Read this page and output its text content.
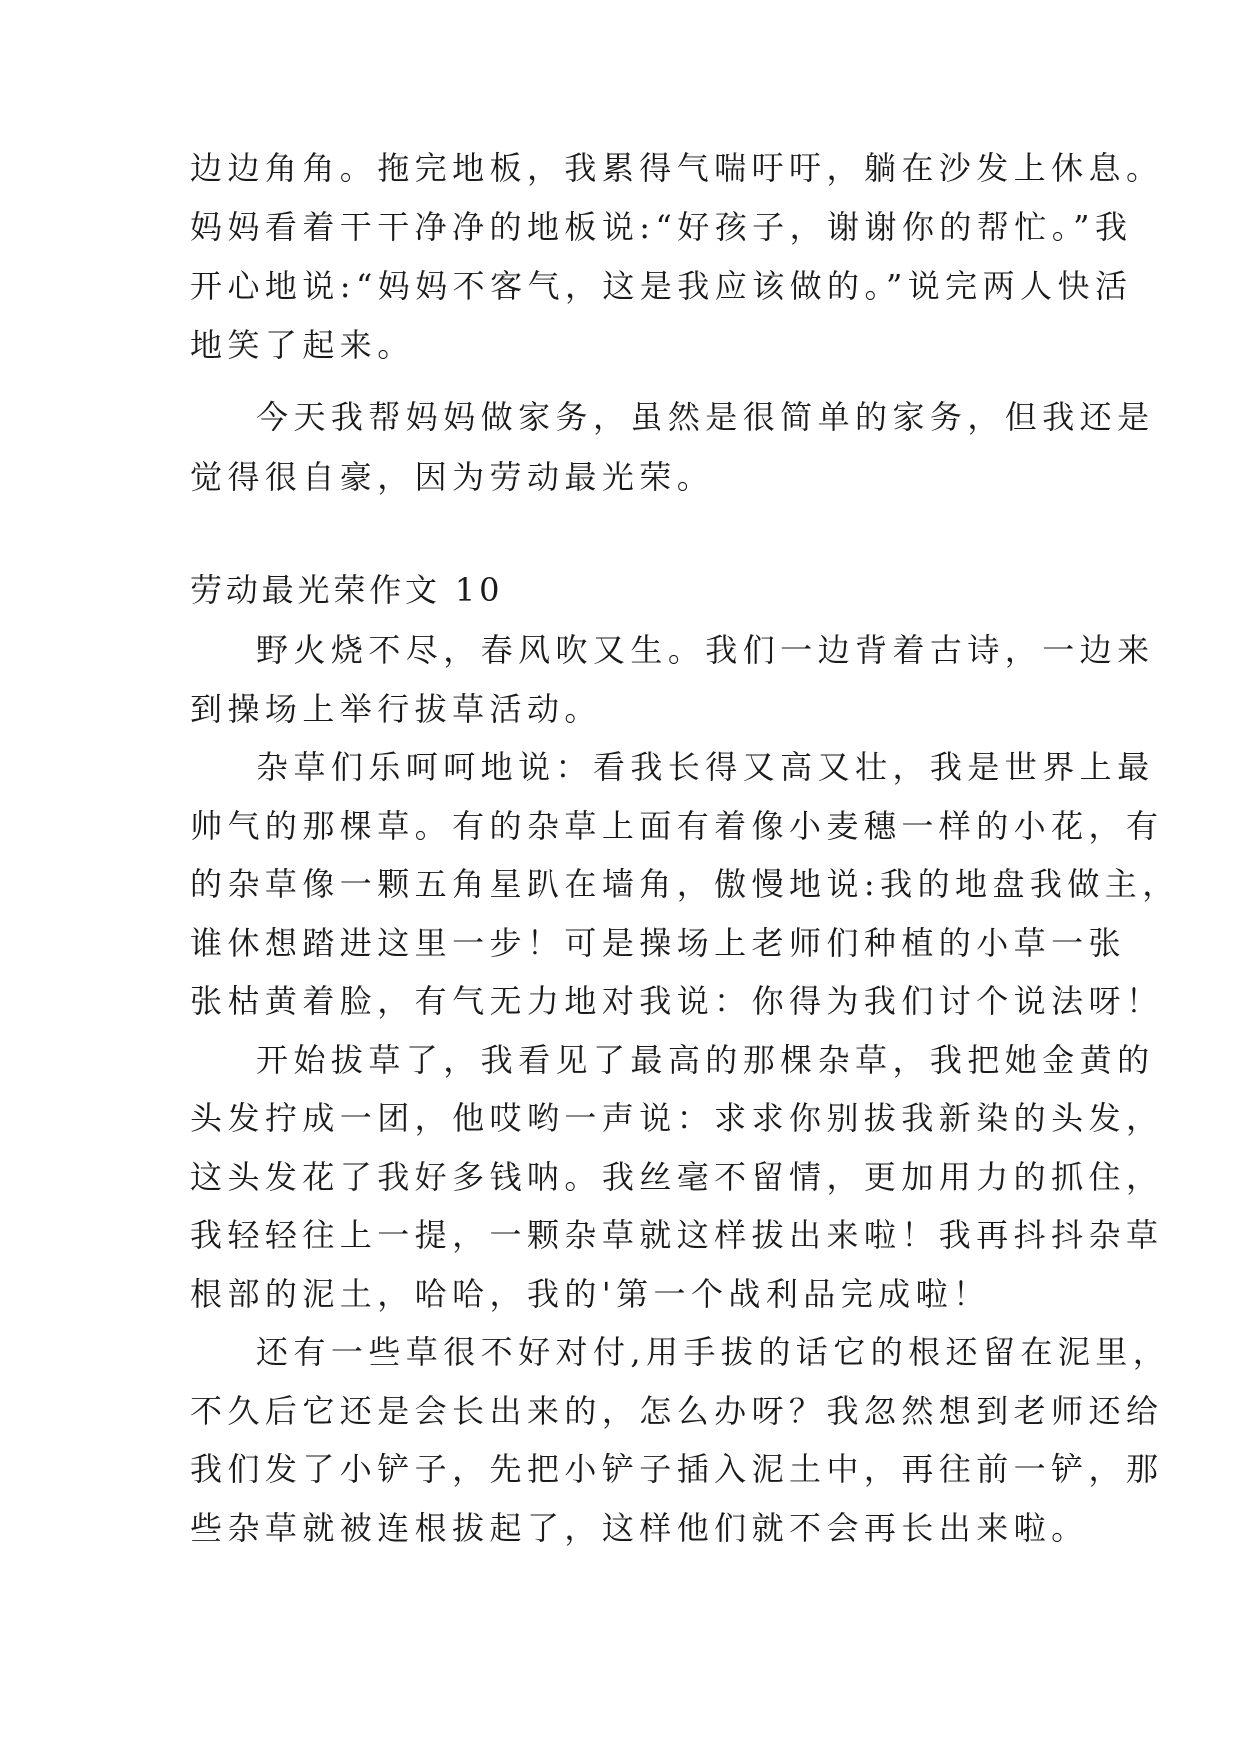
边边角角。拖完地板，我累得气喘吁吁，躺在沙发上休息。

妈妈看着干干净净的地板说:“好孩子，谢谢你的帮忙。”我

开心地说:“妈妈不客气，这是我应该做的。”说完两人快活

地笑了起来。

今天我帮妈妈做家务，虽然是很简单的家务，但我还是

觉得很自豪，因为劳动最光荣。

劳动最光荣作文 10

野火烧不尽，春风吹又生。我们一边背着古诗，一边来

到操场上举行拔草活动。

杂草们乐呵呵地说：看我长得又高又壮，我是世界上最

帅气的那棵草。有的杂草上面有着像小麦穗一样的小花，有

的杂草像一颗五角星趴在墙角，傲慢地说:我的地盘我做主，

谁休想踏进这里一步！可是操场上老师们种植的小草一张

张枯黄着脸，有气无力地对我说：你得为我们讨个说法呀！

开始拔草了，我看见了最高的那棵杂草，我把她金黄的

头发拧成一团，他哎哟一声说：求求你别拔我新染的头发，

这头发花了我好多钱呐。我丝毫不留情，更加用力的抓住，

我轻轻往上一提，一颗杂草就这样拔出来啦！我再抖抖杂草

根部的泥土，哈哈，我的'第一个战利品完成啦！

还有一些草很不好对付,用手拔的话它的根还留在泥里，

不久后它还是会长出来的，怎么办呀？我忽然想到老师还给

我们发了小铲子，先把小铲子插入泥土中，再往前一铲，那

些杂草就被连根拔起了，这样他们就不会再长出来啦。
